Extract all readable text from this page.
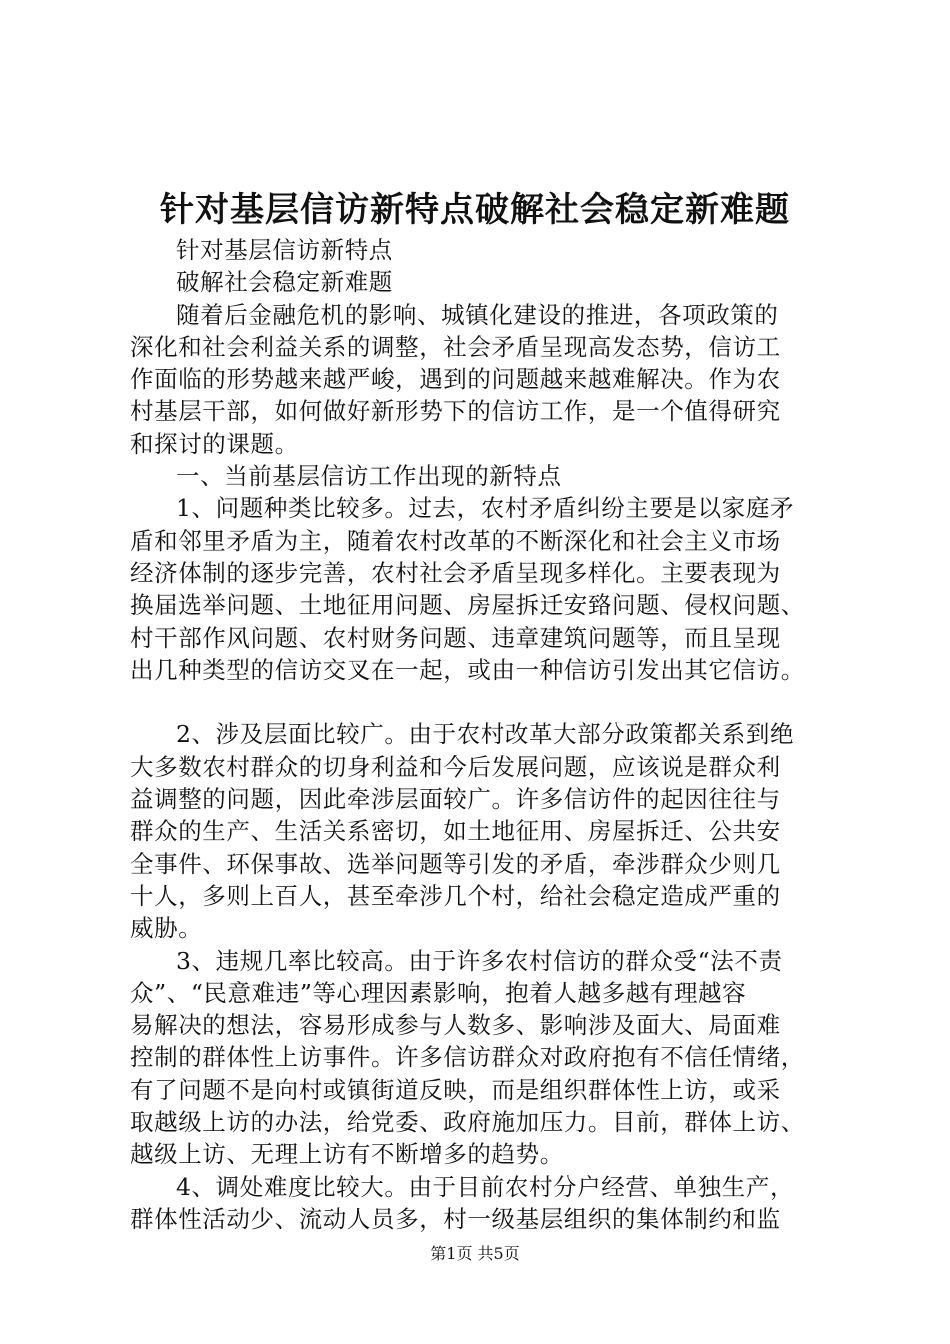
针对基层信访新特点破解社会稳定新难题
针对基层信访新特点
破解社会稳定新难题
随着后金融危机的影响、城镇化建设的推进，各项政策的
深化和社会利益关系的调整，社会矛盾呈现高发态势，信访工
作面临的形势越来越严峻，遇到的问题越来越难解决。作为农
村基层干部，如何做好新形势下的信访工作，是一个值得研究
和探讨的课题。
一、当前基层信访工作出现的新特点
1、问题种类比较多。过去，农村矛盾纠纷主要是以家庭矛
盾和邻里矛盾为主，随着农村改革的不断深化和社会主义市场
经济体制的逐步完善，农村社会矛盾呈现多样化。主要表现为
换届选举问题、土地征用问题、房屋拆迁安臵问题、侵权问题、
村干部作风问题、农村财务问题、违章建筑问题等，而且呈现
出几种类型的信访交叉在一起，或由一种信访引发出其它信访。
2、涉及层面比较广。由于农村改革大部分政策都关系到绝
大多数农村群众的切身利益和今后发展问题，应该说是群众利
益调整的问题，因此牵涉层面较广。许多信访件的起因往往与
群众的生产、生活关系密切，如土地征用、房屋拆迁、公共安
全事件、环保事故、选举问题等引发的矛盾，牵涉群众少则几
十人，多则上百人，甚至牵涉几个村，给社会稳定造成严重的
威胁。
3、违规几率比较高。由于许多农村信访的群众受“法不责
众”、“民意难违”等心理因素影响，抱着人越多越有理越容
易解决的想法，容易形成参与人数多、影响涉及面大、局面难
控制的群体性上访事件。许多信访群众对政府抱有不信任情绪，
有了问题不是向村或镇街道反映，而是组织群体性上访，或采
取越级上访的办法，给党委、政府施加压力。目前，群体上访、
越级上访、无理上访有不断增多的趋势。
4、调处难度比较大。由于目前农村分户经营、单独生产，
群体性活动少、流动人员多，村一级基层组织的集体制约和监
第1页 共5页
